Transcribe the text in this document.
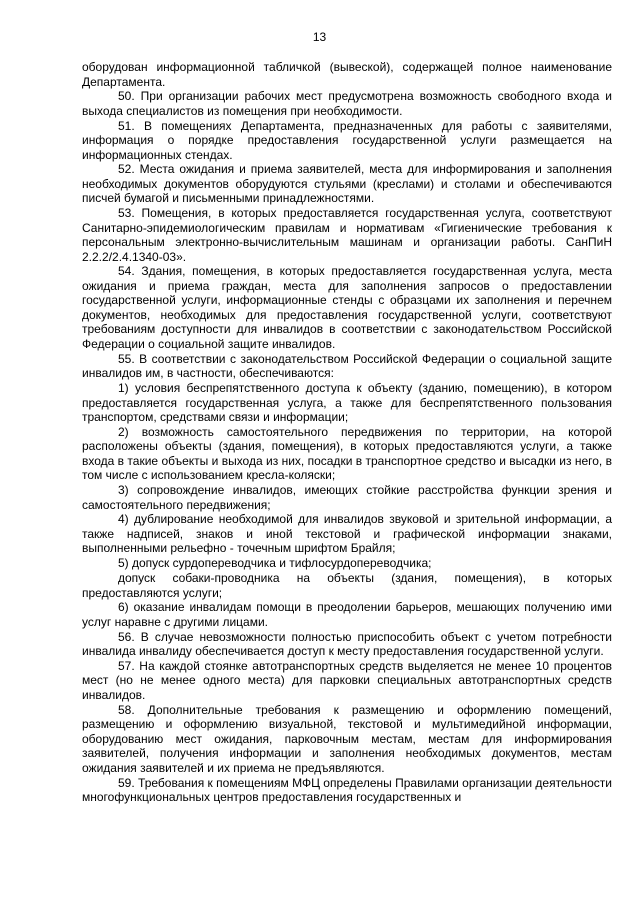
13

оборудован информационной табличкой (вывеской), содержащей полное наименование Департамента.

50. При организации рабочих мест предусмотрена возможность свободного входа и выхода специалистов из помещения при необходимости.

51. В помещениях Департамента, предназначенных для работы с заявителями, информация о порядке предоставления государственной услуги размещается на информационных стендах.

52. Места ожидания и приема заявителей, места для информирования и заполнения необходимых документов оборудуются стульями (креслами) и столами и обеспечиваются писчей бумагой и письменными принадлежностями.

53. Помещения, в которых предоставляется государственная услуга, соответствуют Санитарно-эпидемиологическим правилам и нормативам «Гигиенические требования к персональным электронно-вычислительным машинам и организации работы. СанПиН 2.2.2/2.4.1340-03».

54. Здания, помещения, в которых предоставляется государственная услуга, места ожидания и приема граждан, места для заполнения запросов о предоставлении государственной услуги, информационные стенды с образцами их заполнения и перечнем документов, необходимых для предоставления государственной услуги, соответствуют требованиям доступности для инвалидов в соответствии с законодательством Российской Федерации о социальной защите инвалидов.

55. В соответствии с законодательством Российской Федерации о социальной защите инвалидов им, в частности, обеспечиваются:

1) условия беспрепятственного доступа к объекту (зданию, помещению), в котором предоставляется государственная услуга, а также для беспрепятственного пользования транспортом, средствами связи и информации;

2) возможность самостоятельного передвижения по территории, на которой расположены объекты (здания, помещения), в которых предоставляются услуги, а также входа в такие объекты и выхода из них, посадки в транспортное средство и высадки из него, в том числе с использованием кресла-коляски;

3) сопровождение инвалидов, имеющих стойкие расстройства функции зрения и самостоятельного передвижения;

4) дублирование необходимой для инвалидов звуковой и зрительной информации, а также надписей, знаков и иной текстовой и графической информации знаками, выполненными рельефно - точечным шрифтом Брайля;

5) допуск сурдопереводчика и тифлосурдопереводчика;

допуск собаки-проводника на объекты (здания, помещения), в которых предоставляются услуги;

6) оказание инвалидам помощи в преодолении барьеров, мешающих получению ими услуг наравне с другими лицами.

56. В случае невозможности полностью приспособить объект с учетом потребности инвалида инвалиду обеспечивается доступ к месту предоставления государственной услуги.

57. На каждой стоянке автотранспортных средств выделяется не менее 10 процентов мест (но не менее одного места) для парковки специальных автотранспортных средств инвалидов.

58. Дополнительные требования к размещению и оформлению помещений, размещению и оформлению визуальной, текстовой и мультимедийной информации, оборудованию мест ожидания, парковочным местам, местам для информирования заявителей, получения информации и заполнения необходимых документов, местам ожидания заявителей и их приема не предъявляются.

59. Требования к помещениям МФЦ определены Правилами организации деятельности многофункциональных центров предоставления государственных и
